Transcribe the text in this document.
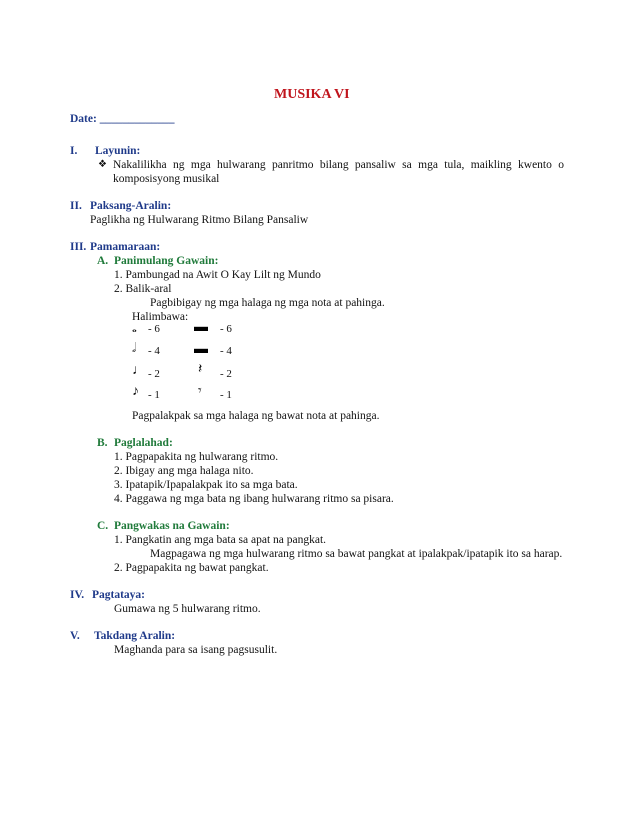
MUSIKA VI
Date: _____________
I. Layunin:
❖ Nakalilikha ng mga hulwarang panritmo bilang pansaliw sa mga tula, maikling kwento o
komposisyong musikal
II. Paksang-Aralin:
Paglikha ng Hulwarang Ritmo Bilang Pansaliw
III. Pamamaraan:
A. Panimulang Gawain:
1. Pambungad na Awit O Kay Lilt ng Mundo
2. Balik-aral
Pagbibigay ng mga halaga ng mga nota at pahinga.
Halimbawa:
𝅝 - 6 ▬ - 6
𝅗𝅥 - 4 ▬ - 4
♩ - 2	𝄽 - 2
♪ - 1	𝄾 - 1
Pagpalakpak sa mga halaga ng bawat nota at pahinga.
B. Paglalahad:
1. Pagpapakita ng hulwarang ritmo.
2. Ibigay ang mga halaga nito.
3. Ipatapik/Ipapalakpak ito sa mga bata.
4. Paggawa ng mga bata ng ibang hulwarang ritmo sa pisara.
C. Pangwakas na Gawain:
1. Pangkatin ang mga bata sa apat na pangkat.
Magpagawa ng mga hulwarang ritmo sa bawat pangkat at ipalakpak/ipatapik ito sa harap.
2. Pagpapakita ng bawat pangkat.
IV. Pagtataya:
Gumawa ng 5 hulwarang ritmo.
V. Takdang Aralin:
Maghanda para sa isang pagsusulit.
